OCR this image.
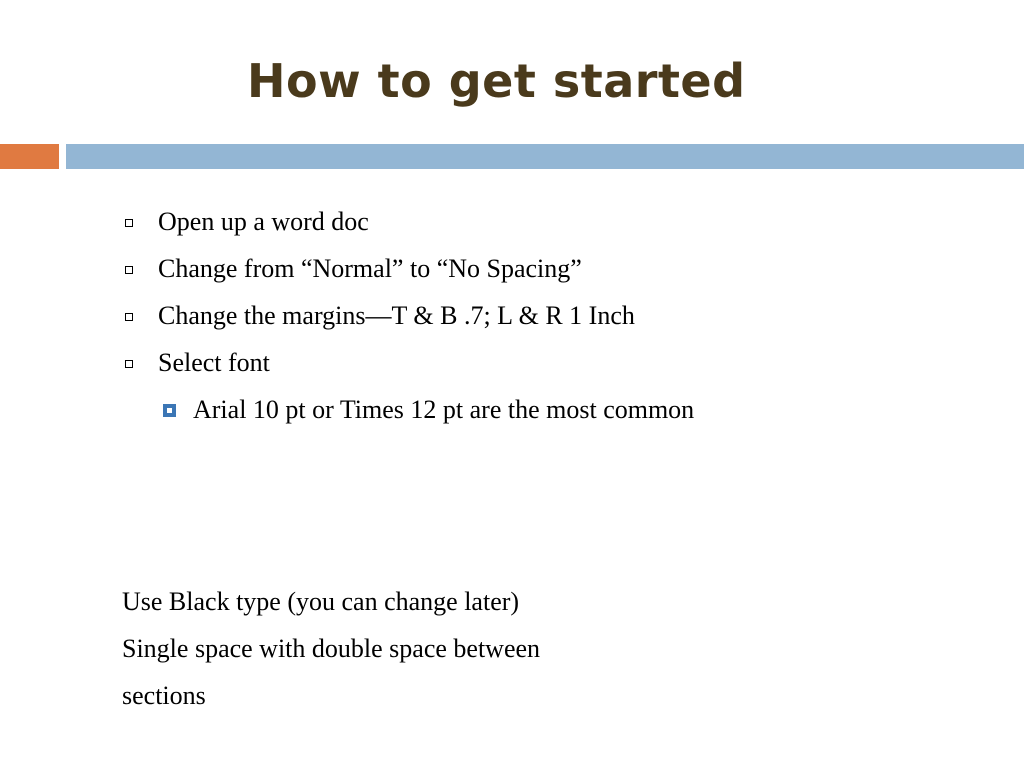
How to get started
Open up a word doc
Change from “Normal” to “No Spacing”
Change the margins—T & B .7; L & R 1 Inch
Select font
Arial 10 pt or Times 12 pt are the most common
Use Black type (you can change later)
Single space with double space between
sections
